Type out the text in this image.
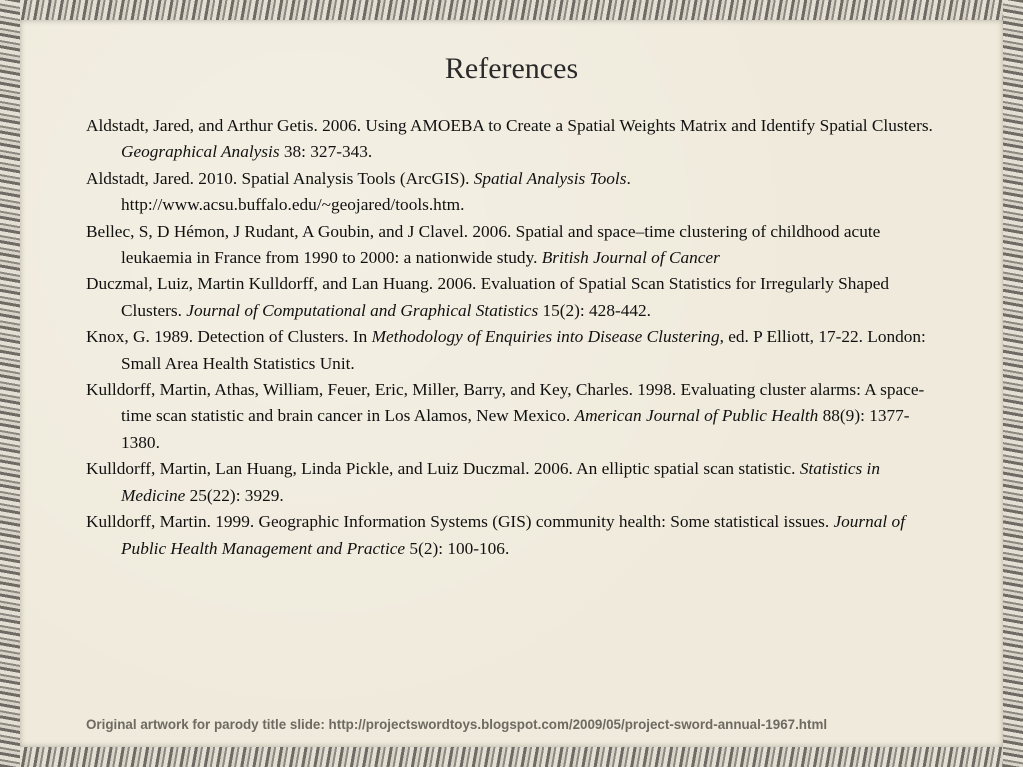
References
Aldstadt, Jared, and Arthur Getis. 2006. Using AMOEBA to Create a Spatial Weights Matrix and Identify Spatial Clusters. Geographical Analysis 38: 327-343.
Aldstadt, Jared. 2010. Spatial Analysis Tools (ArcGIS). Spatial Analysis Tools. http://www.acsu.buffalo.edu/~geojared/tools.htm.
Bellec, S, D Hémon, J Rudant, A Goubin, and J Clavel. 2006. Spatial and space–time clustering of childhood acute leukaemia in France from 1990 to 2000: a nationwide study. British Journal of Cancer
Duczmal, Luiz, Martin Kulldorff, and Lan Huang. 2006. Evaluation of Spatial Scan Statistics for Irregularly Shaped Clusters. Journal of Computational and Graphical Statistics 15(2): 428-442.
Knox, G. 1989. Detection of Clusters. In Methodology of Enquiries into Disease Clustering, ed. P Elliott, 17-22. London: Small Area Health Statistics Unit.
Kulldorff, Martin, Athas, William, Feuer, Eric, Miller, Barry, and Key, Charles. 1998. Evaluating cluster alarms: A space-time scan statistic and brain cancer in Los Alamos, New Mexico. American Journal of Public Health 88(9): 1377-1380.
Kulldorff, Martin, Lan Huang, Linda Pickle, and Luiz Duczmal. 2006. An elliptic spatial scan statistic. Statistics in Medicine 25(22): 3929.
Kulldorff, Martin. 1999. Geographic Information Systems (GIS) community health: Some statistical issues. Journal of Public Health Management and Practice 5(2): 100-106.
Original artwork for parody title slide: http://projectswordtoys.blogspot.com/2009/05/project-sword-annual-1967.html
